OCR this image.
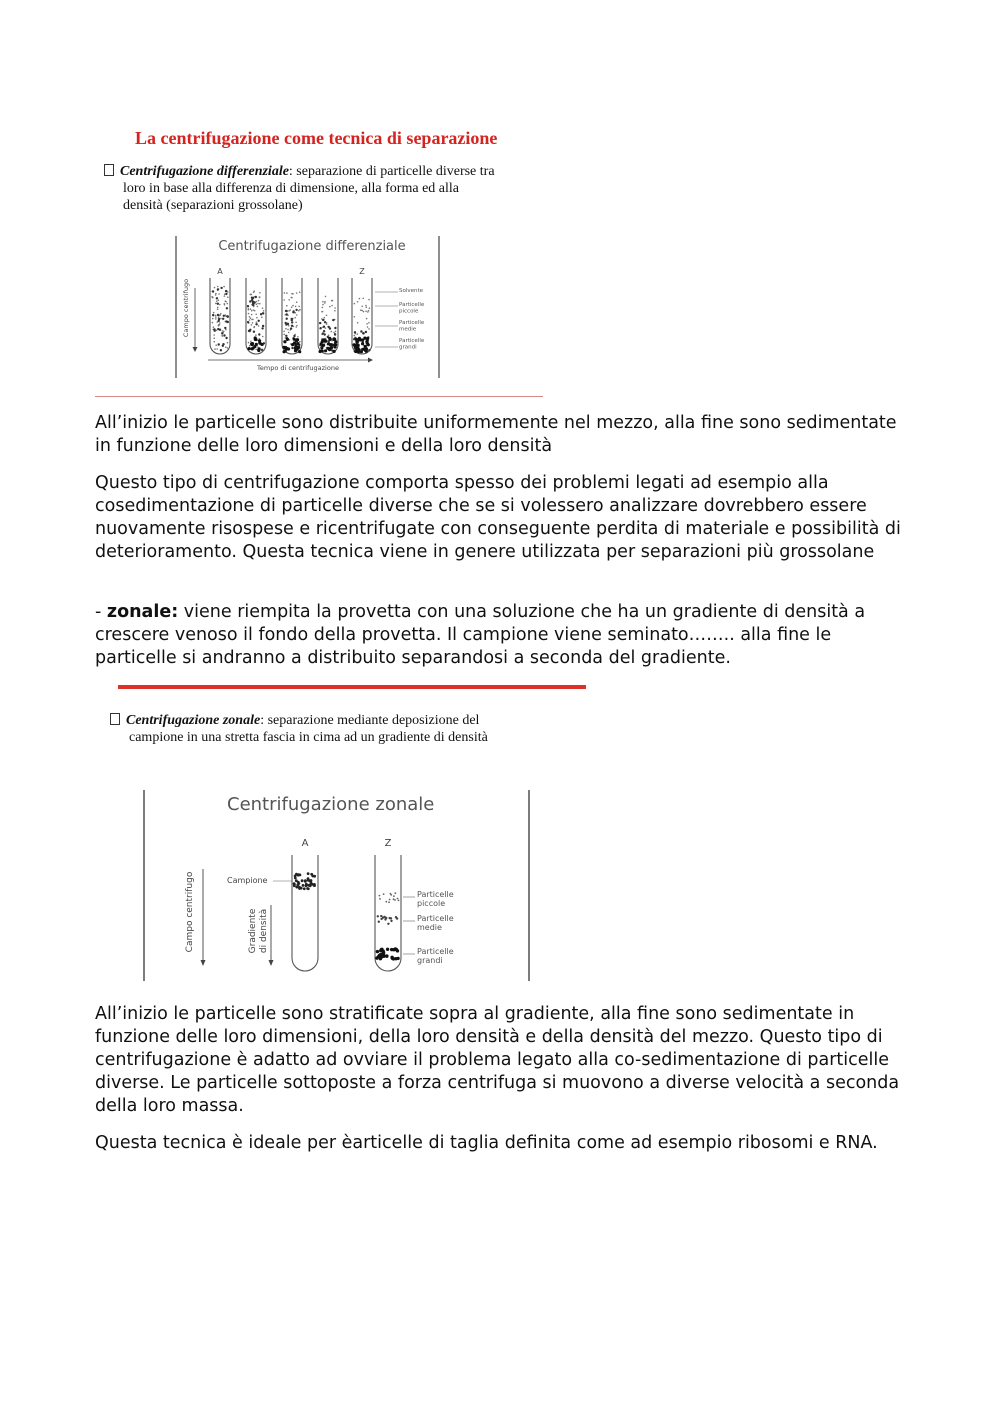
La centrifugazione come tecnica di separazione
Centrifugazione differenziale: separazione di particelle diverse tra
loro in base alla differenza di dimensione, alla forma ed alla
densità (separazioni grossolane)
Centrifugazione differenziale
A	Z
Campo centrifugo	Solvente
Particelle piccole
Particelle medie
Particelle grandi
Tempo di centrifugazione

All’inizio le particelle sono distribuite uniformemente nel mezzo, alla fine sono sedimentate in funzione delle loro dimensioni e della loro densità

Questo tipo di centrifugazione comporta spesso dei problemi legati ad esempio alla cosedimentazione di particelle diverse che se si volessero analizzare dovrebbero essere nuovamente risospese e ricentrifugate con conseguente perdita di materiale e possibilità di deterioramento. Questa tecnica viene in genere utilizzata per separazioni più grossolane

- zonale: viene riempita la provetta con una soluzione che ha un gradiente di densità a crescere venoso il fondo della provetta. Il campione viene seminato…….. alla fine le particelle si andranno a distribuito separandosi a seconda del gradiente.

Centrifugazione zonale: separazione mediante deposizione del
campione in una stretta fascia in cima ad un gradiente di densità
Centrifugazione zonale
A	Z
Campo centrifugo	Gradientedi densità
Campione
Particelle piccole
Particelle medie
Particelle grandi

All’inizio le particelle sono stratificate sopra al gradiente, alla fine sono sedimentate in funzione delle loro dimensioni, della loro densità e della densità del mezzo. Questo tipo di centrifugazione è adatto ad ovviare il problema legato alla co-sedimentazione di particelle diverse. Le particelle sottoposte a forza centrifuga si muovono a diverse velocità a seconda della loro massa.

Questa tecnica è ideale per èarticelle di taglia definita come ad esempio ribosomi e RNA.
